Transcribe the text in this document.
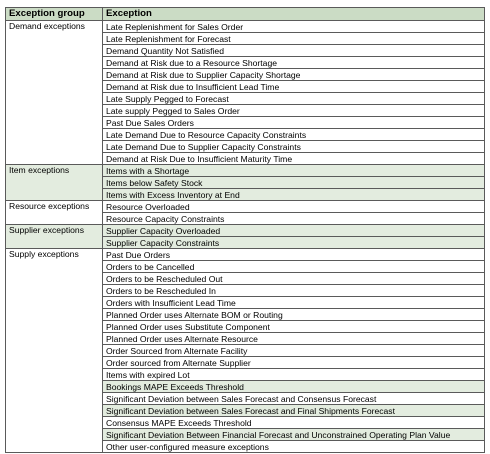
Exception group	Exception
Demand exceptions	Late Replenishment for Sales Order
	Late Replenishment for Forecast
	Demand Quantity Not Satisfied
	Demand at Risk due to a Resource Shortage
	Demand at Risk due to Supplier Capacity Shortage
	Demand at Risk due to Insufficient Lead Time
	Late Supply Pegged to Forecast
	Late supply Pegged to Sales Order
	Past Due Sales Orders
	Late Demand Due to Resource Capacity Constraints
	Late Demand Due to Supplier Capacity Constraints
	Demand at Risk Due to Insufficient Maturity Time
Item exceptions	Items with a Shortage
	Items below Safety Stock
	Items with Excess Inventory at End
Resource exceptions	Resource Overloaded
	Resource Capacity Constraints
Supplier exceptions	Supplier Capacity Overloaded
	Supplier Capacity Constraints
Supply exceptions	Past Due Orders
	Orders to be Cancelled
	Orders to be Rescheduled Out
	Orders to be Rescheduled In
	Orders with Insufficient Lead Time
	Planned Order uses Alternate BOM or Routing
	Planned Order uses Substitute Component
	Planned Order uses Alternate Resource
	Order Sourced from Alternate Facility
	Order sourced from Alternate Supplier
	Items with expired Lot
	Bookings MAPE Exceeds Threshold
	Significant Deviation between Sales Forecast and Consensus Forecast
	Significant Deviation between Sales Forecast and Final Shipments Forecast
	Consensus MAPE Exceeds Threshold
	Significant Deviation Between Financial Forecast and Unconstrained Operating Plan Value
	Other user-configured measure exceptions
